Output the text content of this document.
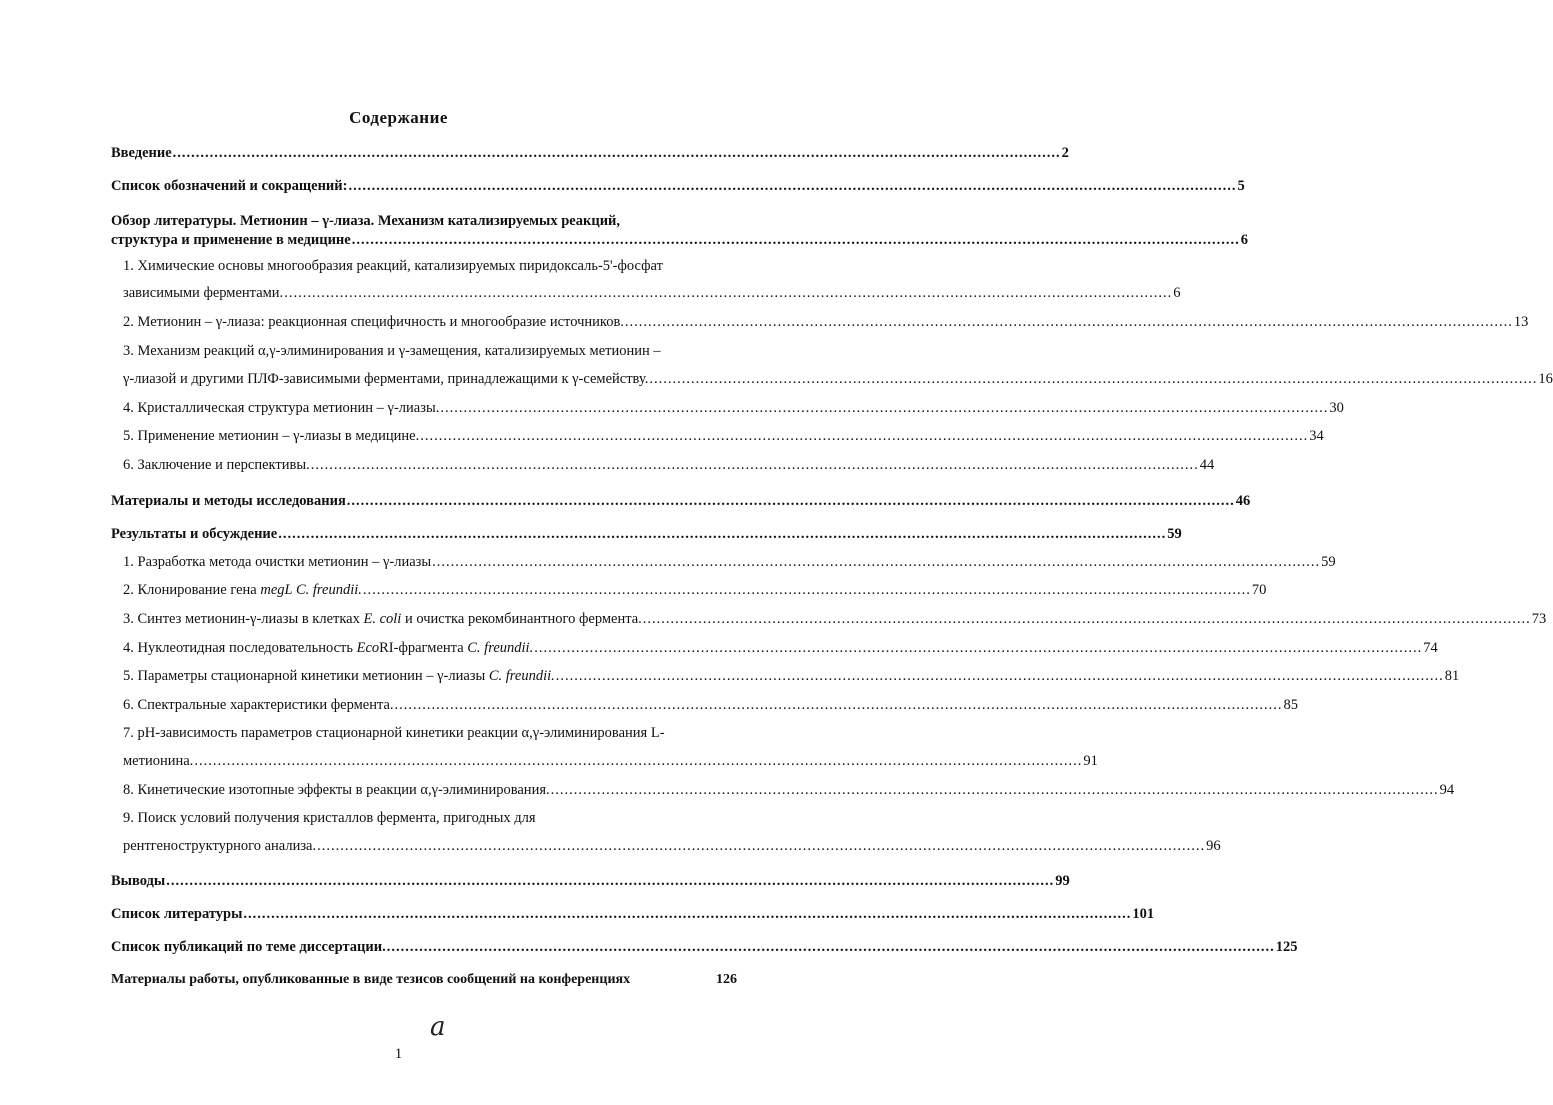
Содержание
Введение ................................................................................................................................................................................................ 2
Список обозначений и сокращений: ................................................................................................................................................................................................ 5
Обзор литературы. Метионин – γ-лиаза. Механизм катализируемых реакций,
структура и применение в медицине ................................................................................................................................................................................................ 6
1. Химические основы многообразия реакций, катализируемых пиридоксаль-5'-фосфат
зависимыми ферментами. ................................................................................................................................................................................................ 6
2. Метионин – γ-лиаза: реакционная специфичность и многообразие источников. ................................................................................................................................................................................................ 13
3. Механизм реакций α,γ-элиминирования и γ-замещения, катализируемых метионин –
γ-лиазой и другими ПЛФ-зависимыми ферментами, принадлежащими к γ-семейству. ................................................................................................................................................................................................ 16
4. Кристаллическая структура метионин – γ-лиазы. ................................................................................................................................................................................................ 30
5. Применение метионин – γ-лиазы в медицине. ................................................................................................................................................................................................ 34
6. Заключение и перспективы. ................................................................................................................................................................................................ 44
Материалы и методы исследования ................................................................................................................................................................................................ 46
Результаты и обсуждение ................................................................................................................................................................................................ 59
1. Разработка метода очистки метионин – γ-лиазы ................................................................................................................................................................................................ 59
2. Клонирование гена megL C. freundii. ................................................................................................................................................................................................ 70
3. Синтез метионин-γ-лиазы в клетках E. coli и очистка рекомбинантного фермента. ................................................................................................................................................................................................ 73
4. Нуклеотидная последовательность EcoRI-фрагмента C. freundii. ................................................................................................................................................................................................ 74
5. Параметры стационарной кинетики метионин – γ-лиазы C. freundii. ................................................................................................................................................................................................ 81
6. Спектральные характеристики фермента. ................................................................................................................................................................................................ 85
7. pH-зависимость параметров стационарной кинетики реакции α,γ-элиминирования L-
метионина. ................................................................................................................................................................................................ 91
8. Кинетические изотопные эффекты в реакции α,γ-элиминирования. ................................................................................................................................................................................................ 94
9. Поиск условий получения кристаллов фермента, пригодных для
рентгеноструктурного анализа. ................................................................................................................................................................................................ 96
Выводы ................................................................................................................................................................................................ 99
Список литературы ................................................................................................................................................................................................ 101
Список публикаций по теме диссертации. ................................................................................................................................................................................................ 125
Материалы работы, опубликованные в виде тезисов сообщений на конференциях	126
a
1
